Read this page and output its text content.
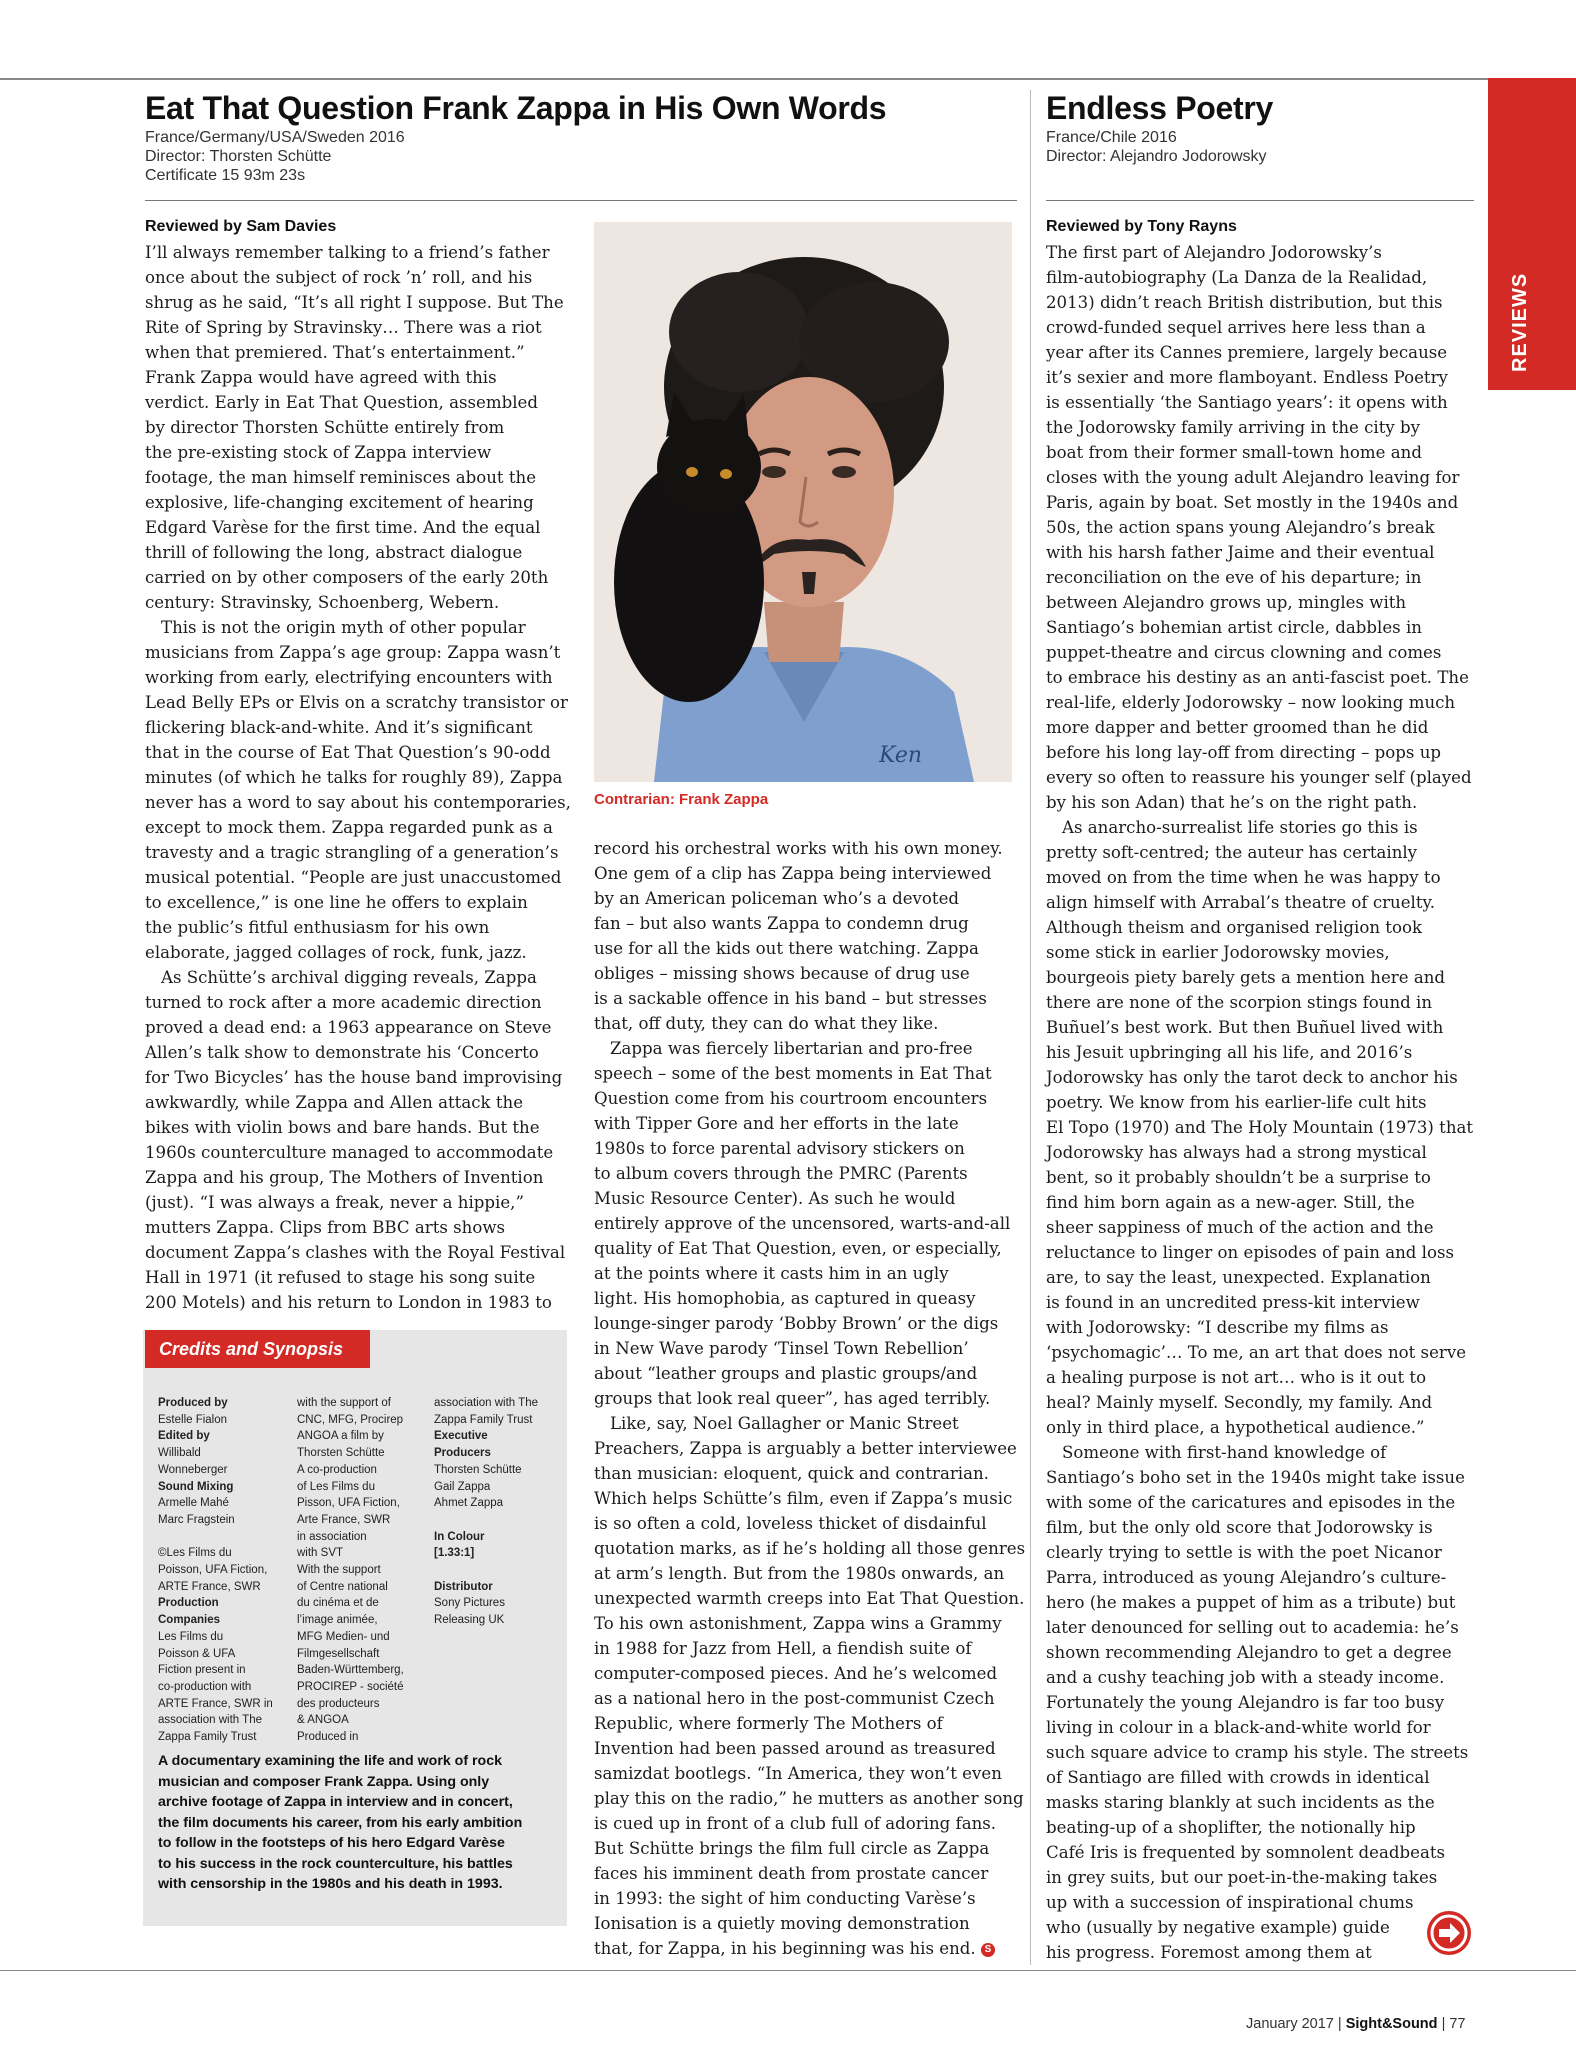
Eat That Question Frank Zappa in His Own Words
France/Germany/USA/Sweden 2016
Director: Thorsten Schütte
Certificate 15 93m 23s
Endless Poetry
France/Chile 2016
Director: Alejandro Jodorowsky
Reviewed by Sam Davies	Reviewed by Tony Rayns

I’ll always remember talking to a friend’s father

once about the subject of rock ’n’ roll, and his

shrug as he said, “It’s all right I suppose. But The

Rite of Spring by Stravinsky… There was a riot

when that premiered. That’s entertainment.”

Frank Zappa would have agreed with this

verdict. Early in Eat That Question, assembled

by director Thorsten Schütte entirely from

the pre-existing stock of Zappa interview

footage, the man himself reminisces about the

explosive, life-changing excitement of hearing

Edgard Varèse for the first time. And the equal

thrill of following the long, abstract dialogue

carried on by other composers of the early 20th

century: Stravinsky, Schoenberg, Webern.

This is not the origin myth of other popular

musicians from Zappa’s age group: Zappa wasn’t

working from early, electrifying encounters with

Lead Belly EPs or Elvis on a scratchy transistor or

flickering black-and-white. And it’s significant

that in the course of Eat That Question’s 90-odd

minutes (of which he talks for roughly 89), Zappa

never has a word to say about his contemporaries,

except to mock them. Zappa regarded punk as a

travesty and a tragic strangling of a generation’s

musical potential. “People are just unaccustomed

to excellence,” is one line he offers to explain

the public’s fitful enthusiasm for his own

elaborate, jagged collages of rock, funk, jazz.

As Schütte’s archival digging reveals, Zappa

turned to rock after a more academic direction

proved a dead end: a 1963 appearance on Steve

Allen’s talk show to demonstrate his ‘Concerto

for Two Bicycles’ has the house band improvising

awkwardly, while Zappa and Allen attack the

bikes with violin bows and bare hands. But the

1960s counterculture managed to accommodate

Zappa and his group, The Mothers of Invention

(just). “I was always a freak, never a hippie,”

mutters Zappa. Clips from BBC arts shows

document Zappa’s clashes with the Royal Festival

Hall in 1971 (it refused to stage his song suite

200 Motels) and his return to London in 1983 to

Ken
Contrarian: Frank Zappa

record his orchestral works with his own money.

One gem of a clip has Zappa being interviewed

by an American policeman who’s a devoted

fan – but also wants Zappa to condemn drug

use for all the kids out there watching. Zappa

obliges – missing shows because of drug use

is a sackable offence in his band – but stresses

that, off duty, they can do what they like.

Zappa was fiercely libertarian and pro-free

speech – some of the best moments in Eat That

Question come from his courtroom encounters

with Tipper Gore and her efforts in the late

1980s to force parental advisory stickers on

to album covers through the PMRC (Parents

Music Resource Center). As such he would

entirely approve of the uncensored, warts-and-all

quality of Eat That Question, even, or especially,

at the points where it casts him in an ugly

light. His homophobia, as captured in queasy

lounge-singer parody ‘Bobby Brown’ or the digs

in New Wave parody ‘Tinsel Town Rebellion’

about “leather groups and plastic groups/and

groups that look real queer”, has aged terribly.

Like, say, Noel Gallagher or Manic Street

Preachers, Zappa is arguably a better interviewee

than musician: eloquent, quick and contrarian.

Which helps Schütte’s film, even if Zappa’s music

is so often a cold, loveless thicket of disdainful

quotation marks, as if he’s holding all those genres

at arm’s length. But from the 1980s onwards, an

unexpected warmth creeps into Eat That Question.

To his own astonishment, Zappa wins a Grammy

in 1988 for Jazz from Hell, a fiendish suite of

computer-composed pieces. And he’s welcomed

as a national hero in the post-communist Czech

Republic, where formerly The Mothers of

Invention had been passed around as treasured

samizdat bootlegs. “In America, they won’t even

play this on the radio,” he mutters as another song

is cued up in front of a club full of adoring fans.

But Schütte brings the film full circle as Zappa

faces his imminent death from prostate cancer

in 1993: the sight of him conducting Varèse’s

Ionisation is a quietly moving demonstration

that, for Zappa, in his beginning was his end. S

The first part of Alejandro Jodorowsky’s

film-autobiography (La Danza de la Realidad,

2013) didn’t reach British distribution, but this

crowd-funded sequel arrives here less than a

year after its Cannes premiere, largely because

it’s sexier and more flamboyant. Endless Poetry

is essentially ‘the Santiago years’: it opens with

the Jodorowsky family arriving in the city by

boat from their former small-town home and

closes with the young adult Alejandro leaving for

Paris, again by boat. Set mostly in the 1940s and

50s, the action spans young Alejandro’s break

with his harsh father Jaime and their eventual

reconciliation on the eve of his departure; in

between Alejandro grows up, mingles with

Santiago’s bohemian artist circle, dabbles in

puppet-theatre and circus clowning and comes

to embrace his destiny as an anti-fascist poet. The

real-life, elderly Jodorowsky – now looking much

more dapper and better groomed than he did

before his long lay-off from directing – pops up

every so often to reassure his younger self (played

by his son Adan) that he’s on the right path.

As anarcho-surrealist life stories go this is

pretty soft-centred; the auteur has certainly

moved on from the time when he was happy to

align himself with Arrabal’s theatre of cruelty.

Although theism and organised religion took

some stick in earlier Jodorowsky movies,

bourgeois piety barely gets a mention here and

there are none of the scorpion stings found in

Buñuel’s best work. But then Buñuel lived with

his Jesuit upbringing all his life, and 2016’s

Jodorowsky has only the tarot deck to anchor his

poetry. We know from his earlier-life cult hits

El Topo (1970) and The Holy Mountain (1973) that

Jodorowsky has always had a strong mystical

bent, so it probably shouldn’t be a surprise to

find him born again as a new-ager. Still, the

sheer sappiness of much of the action and the

reluctance to linger on episodes of pain and loss

are, to say the least, unexpected. Explanation

is found in an uncredited press-kit interview

with Jodorowsky: “I describe my films as

‘psychomagic’… To me, an art that does not serve

a healing purpose is not art… who is it out to

heal? Mainly myself. Secondly, my family. And

only in third place, a hypothetical audience.”

Someone with first-hand knowledge of

Santiago’s boho set in the 1940s might take issue

with some of the caricatures and episodes in the

film, but the only old score that Jodorowsky is

clearly trying to settle is with the poet Nicanor

Parra, introduced as young Alejandro’s culture-

hero (he makes a puppet of him as a tribute) but

later denounced for selling out to academia: he’s

shown recommending Alejandro to get a degree

and a cushy teaching job with a steady income.

Fortunately the young Alejandro is far too busy

living in colour in a black-and-white world for

such square advice to cramp his style. The streets

of Santiago are filled with crowds in identical

masks staring blankly at such incidents as the

beating-up of a shoplifter, the notionally hip

Café Iris is frequented by somnolent deadbeats

in grey suits, but our poet-in-the-making takes

up with a succession of inspirational chums

who (usually by negative example) guide

his progress. Foremost among them at

Credits and Synopsis
Produced by
Estelle Fialon
Edited by
Willibald
Wonneberger
Sound Mixing
Armelle Mahé
Marc Fragstein

©Les Films du
Poisson, UFA Fiction,
ARTE France, SWR
Production
Companies
Les Films du
Poisson & UFA
Fiction present in
co-production with
ARTE France, SWR in
association with The
Zappa Family Trust
with the support of
CNC, MFG, Procirep
ANGOA a film by
Thorsten Schütte
A co-production
of Les Films du
Pisson, UFA Fiction,
Arte France, SWR
in association
with SVT
With the support
of Centre national
du cinéma et de
l’image animée,
MFG Medien- und
Filmgesellschaft
Baden-Württemberg,
PROCIREP - société
des producteurs
& ANGOA
Produced in
association with The
Zappa Family Trust
Executive
Producers
Thorsten Schütte
Gail Zappa
Ahmet Zappa

In Colour
[1.33:1]

Distributor
Sony Pictures
Releasing UK
A documentary examining the life and work of rock
musician and composer Frank Zappa. Using only
archive footage of Zappa in interview and in concert,
the film documents his career, from his early ambition
to follow in the footsteps of his hero Edgard Varèse
to his success in the rock counterculture, his battles
with censorship in the 1980s and his death in 1993.
REVIEWS
January 2017 | Sight&Sound | 77
